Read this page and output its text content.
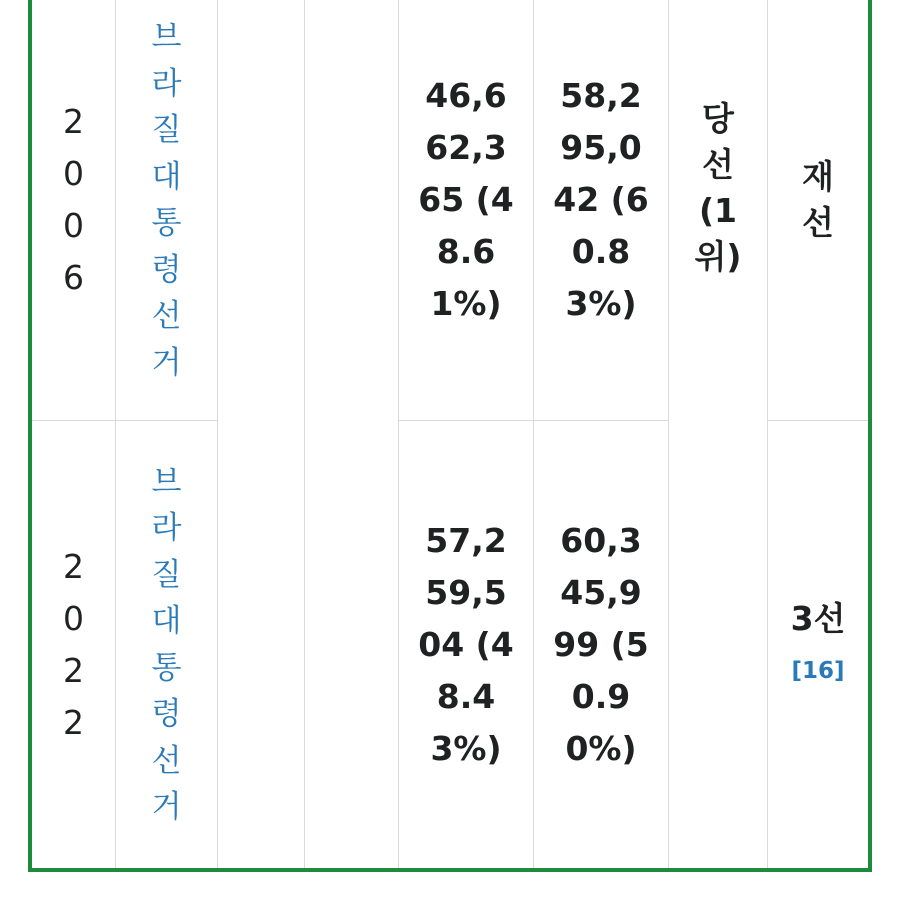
2
0
0
6
브
라
질
대
통
령
선
거
46,6
62,3
65 (4
8.6
1%)
58,2
95,0
42 (6
0.8
3%)
당
선
(1
위)
재
선
2
0
2
2
브
라
질
대
통
령
선
거
57,2
59,5
04 (4
8.4
3%)
60,3
45,9
99 (5
0.9
0%)
3선
[16]
